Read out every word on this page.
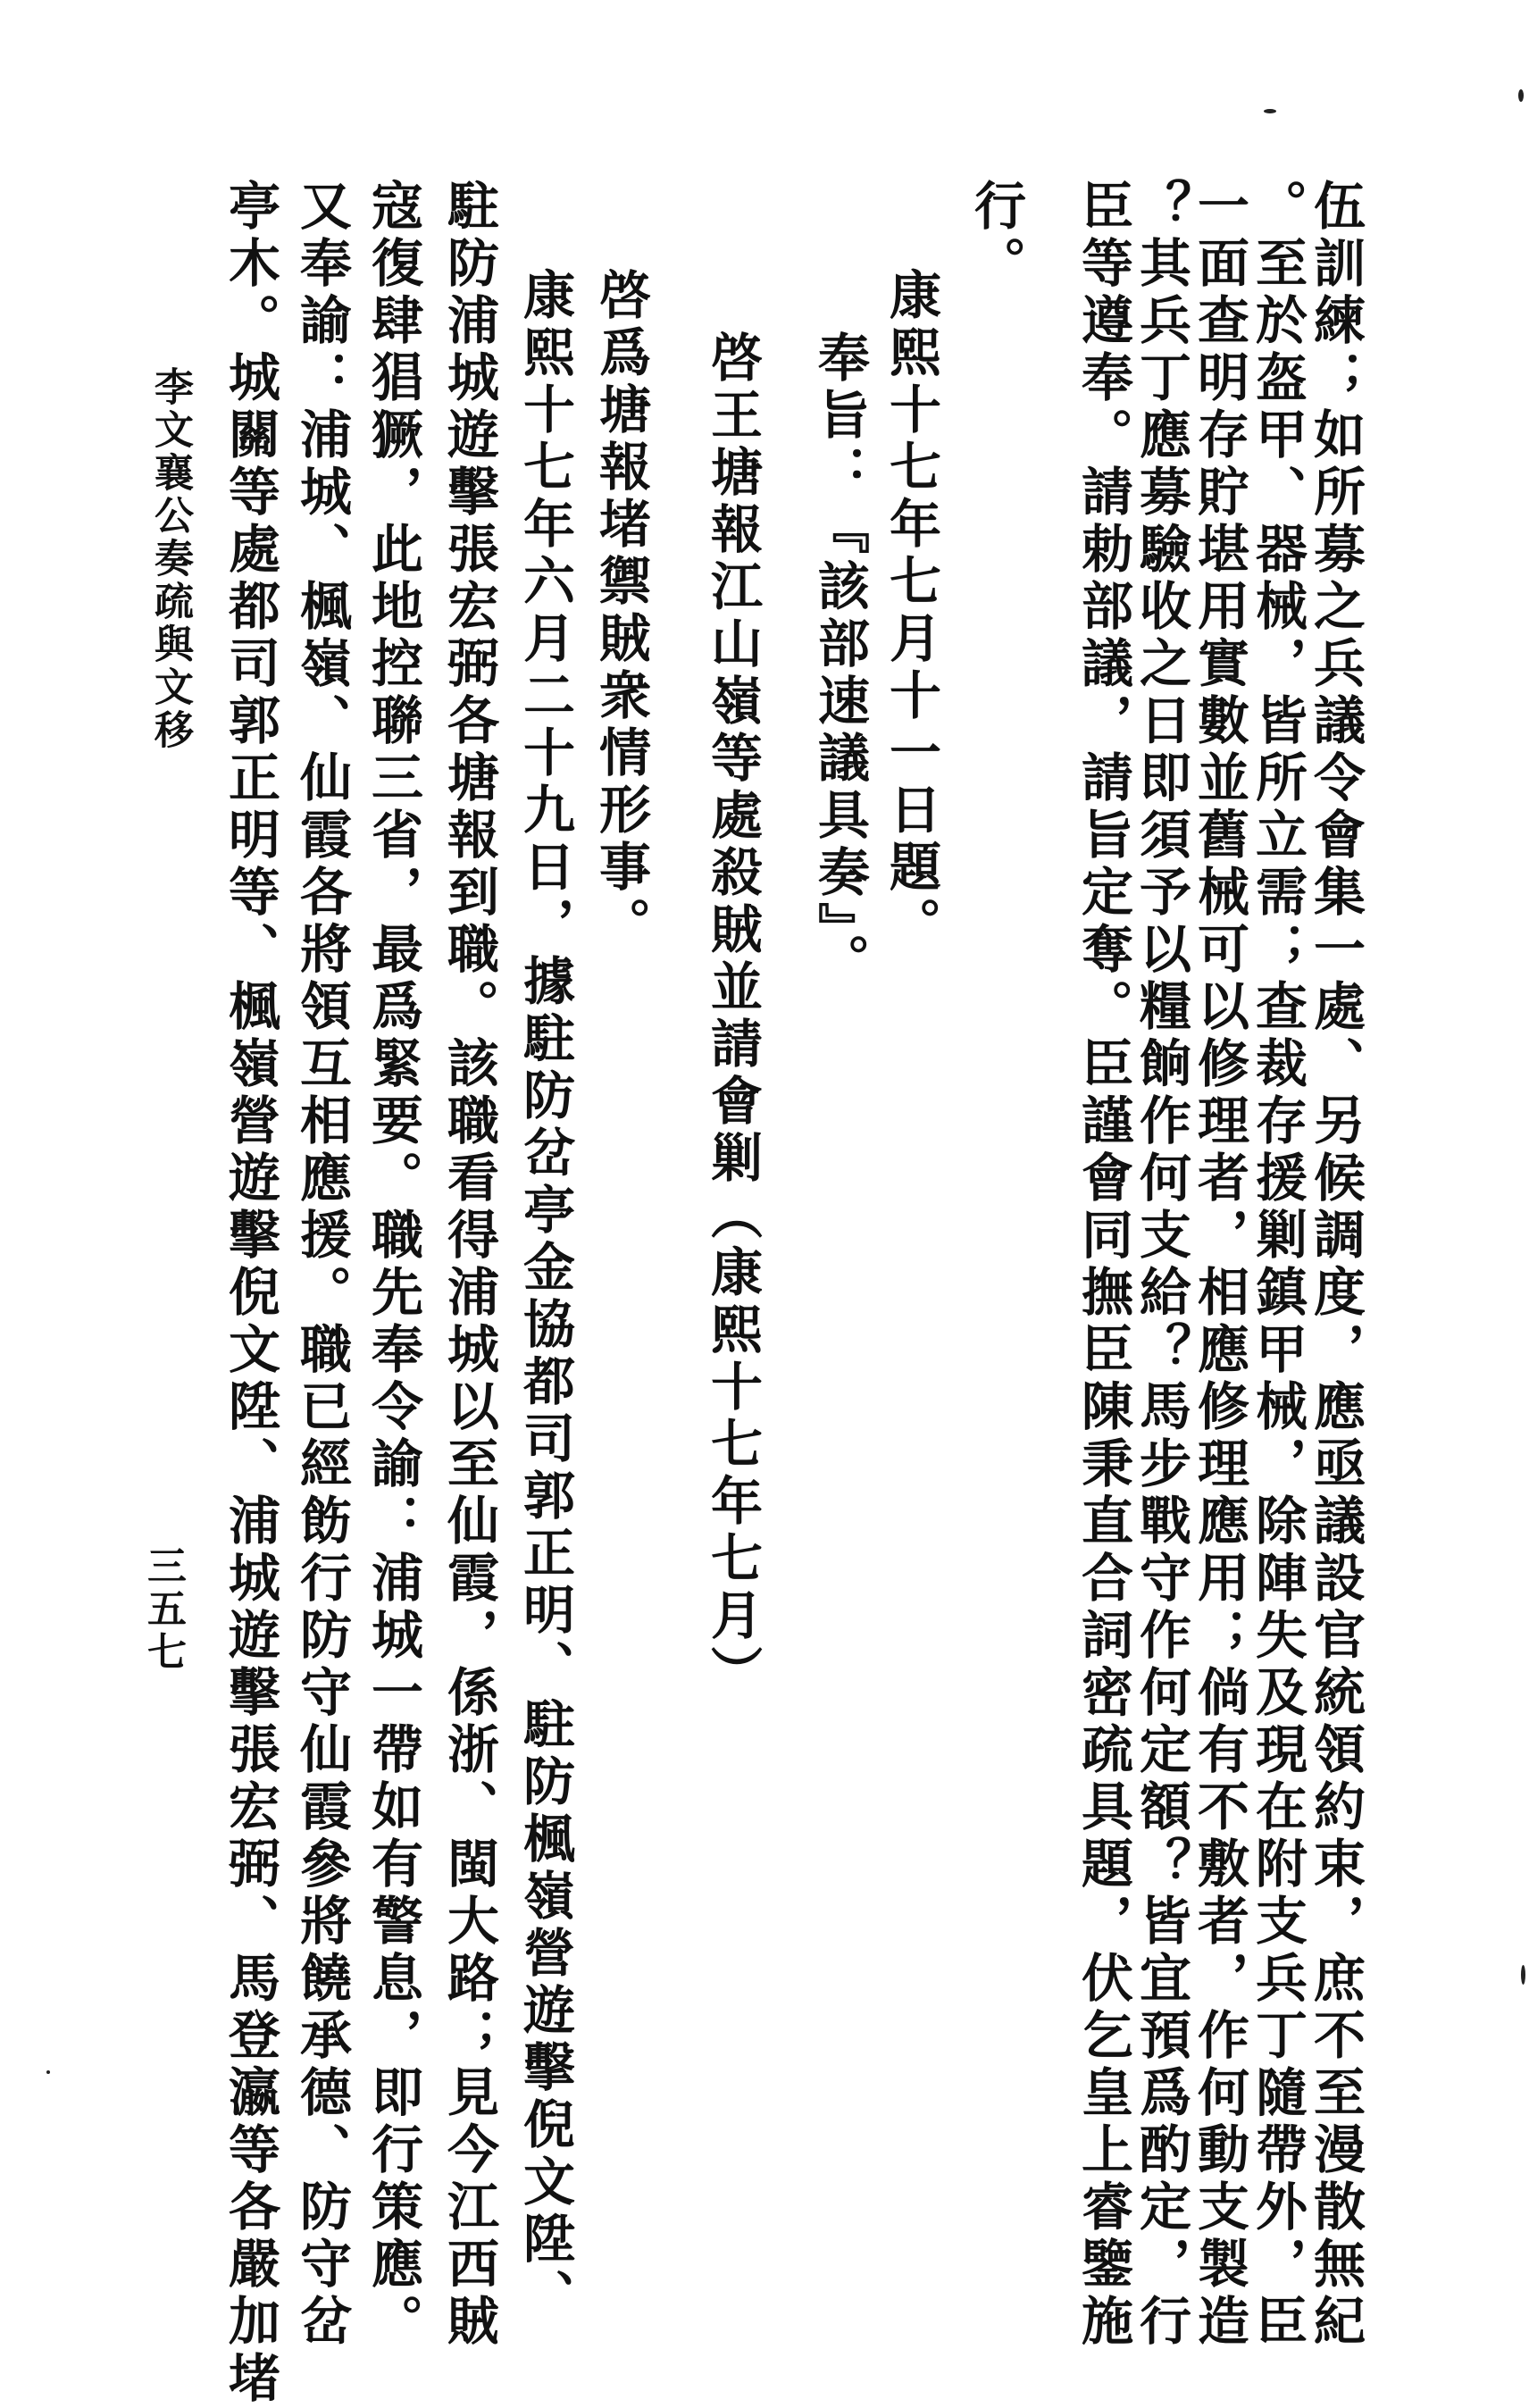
伍訓練；如所募之兵議令會集一處、另候調度，應亟議設官統領約束，庶不至漫散無紀
。至於盔甲、器械，皆所立需；查裁存援剿鎮甲械，除陣失及現在附支兵丁隨帶外，臣
一面查明存貯堪用實數並舊械可以修理者，相應修理應用；倘有不敷者，作何動支製造
？其兵丁應募驗收之日即須予以糧餉作何支給？馬步戰守作何定額？皆宜預爲酌定，行
臣等遵奉。請勅部議，請旨定奪。臣謹會同撫臣陳秉直合詞密疏具題，伏乞皇上睿鑒施
行。
康熙十七年七月十一日題。
奉旨：『該部速議具奏』。
啓王塘報江山嶺等處殺賊並請會剿（康熙十七年七月）
啓爲塘報堵禦賊衆情形事。
康熙十七年六月二十九日，據駐防岔亭金協都司郭正明、駐防楓嶺營遊擊倪文陞、
駐防浦城遊擊張宏弼各塘報到職。該職看得浦城以至仙霞，係浙、閩大路；見今江西賊
寇復肆猖獗，此地控聯三省，最爲緊要。職先奉令諭：浦城一帶如有警息，即行策應。
又奉諭：浦城、楓嶺、仙霞各將領互相應援。職已經飭行防守仙霞參將饒承德、防守岔
亭木。城關等處都司郭正明等、楓嶺營遊擊倪文陞、浦城遊擊張宏弼、馬登瀛等各嚴加堵
李文襄公奏疏與文移
三五七
